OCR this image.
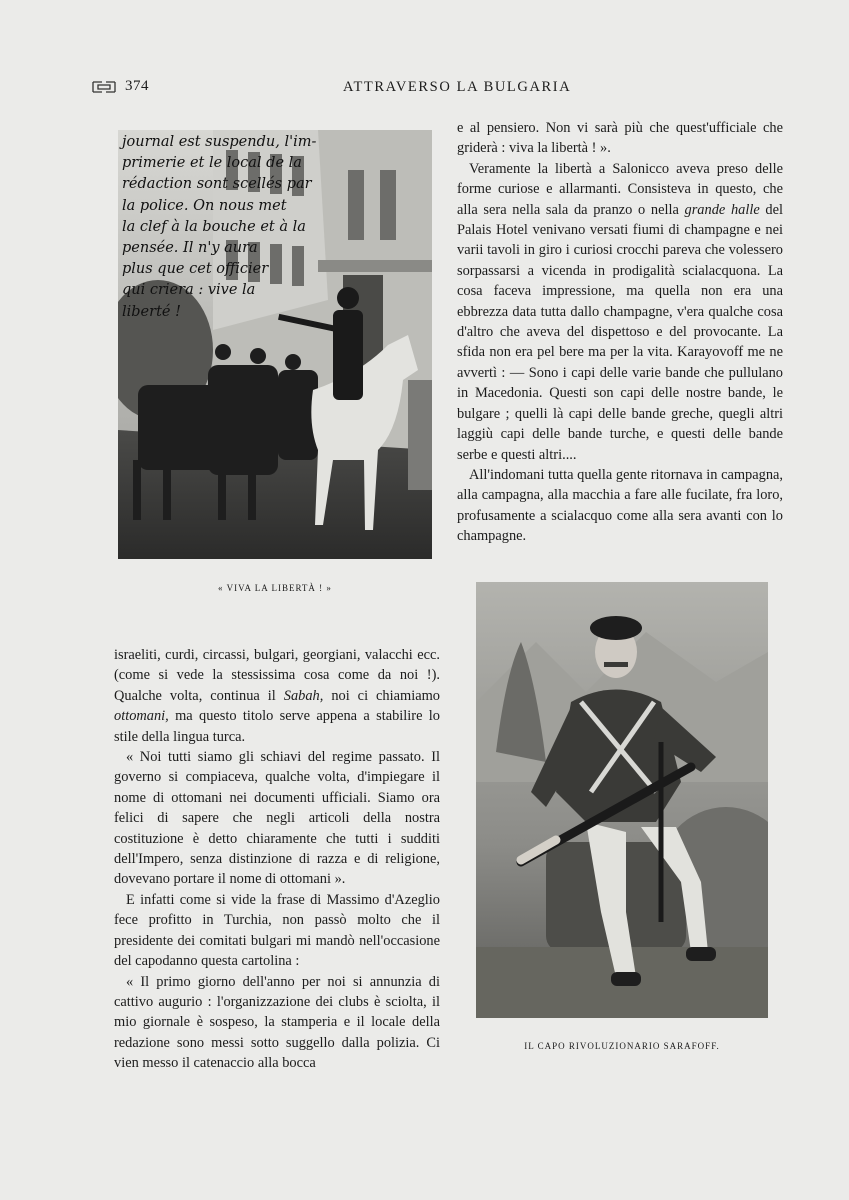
374	ATTRAVERSO LA BULGARIA
journal est suspendu, l'im-
primerie et le local de la
rédaction sont scellés par
la police. On nous met
la clef à la bouche et à la
pensée. Il n'y aura
plus que cet officier
qui criera : vive la
liberté !
« VIVA LA LIBERTÀ ! »

e al pensiero. Non vi sarà più che quest'ufficiale che griderà : viva la libertà ! ».

Veramente la libertà a Salonicco aveva preso delle forme curiose e allarmanti. Consisteva in questo, che alla sera nella sala da pranzo o nella grande halle del Palais Hotel venivano versati fiumi di champagne e nei varii tavoli in giro i curiosi crocchi pareva che volessero sorpassarsi a vicenda in prodigalità scialacquona. La cosa faceva impressione, ma quella non era una ebbrezza data tutta dallo champagne, v'era qualche cosa d'altro che aveva del dispettoso e del provocante. La sfida non era pel bere ma per la vita. Karayovoff me ne avvertì : — Sono i capi delle varie bande che pullulano in Macedonia. Questi son capi delle nostre bande, le bulgare ; quelli là capi delle bande greche, quegli altri laggiù capi delle bande turche, e questi delle bande serbe e questi altri....

All'indomani tutta quella gente ritornava in campagna, alla campagna, alla macchia a fare alle fucilate, fra loro, profusamente a scialacquo come alla sera avanti con lo champagne.

IL CAPO RIVOLUZIONARIO SARAFOFF.

israeliti, curdi, circassi, bulgari, georgiani, valacchi ecc. (come si vede la stessissima cosa come da noi !). Qualche volta, continua il Sabah, noi ci chiamiamo ottomani, ma questo titolo serve appena a stabilire lo stile della lingua turca.

« Noi tutti siamo gli schiavi del regime passato. Il governo si compiaceva, qualche volta, d'impiegare il nome di ottomani nei documenti ufficiali. Siamo ora felici di sapere che negli articoli della nostra costituzione è detto chiaramente che tutti i sudditi dell'Impero, senza distinzione di razza e di religione, dovevano portare il nome di ottomani ».

E infatti come si vide la frase di Massimo d'Azeglio fece profitto in Turchia, non passò molto che il presidente dei comitati bulgari mi mandò nell'occasione del capodanno questa cartolina :

« Il primo giorno dell'anno per noi si annunzia di cattivo augurio : l'organizzazione dei clubs è sciolta, il mio giornale è sospeso, la stamperia e il locale della redazione sono messi sotto suggello dalla polizia. Ci vien messo il catenaccio alla bocca
